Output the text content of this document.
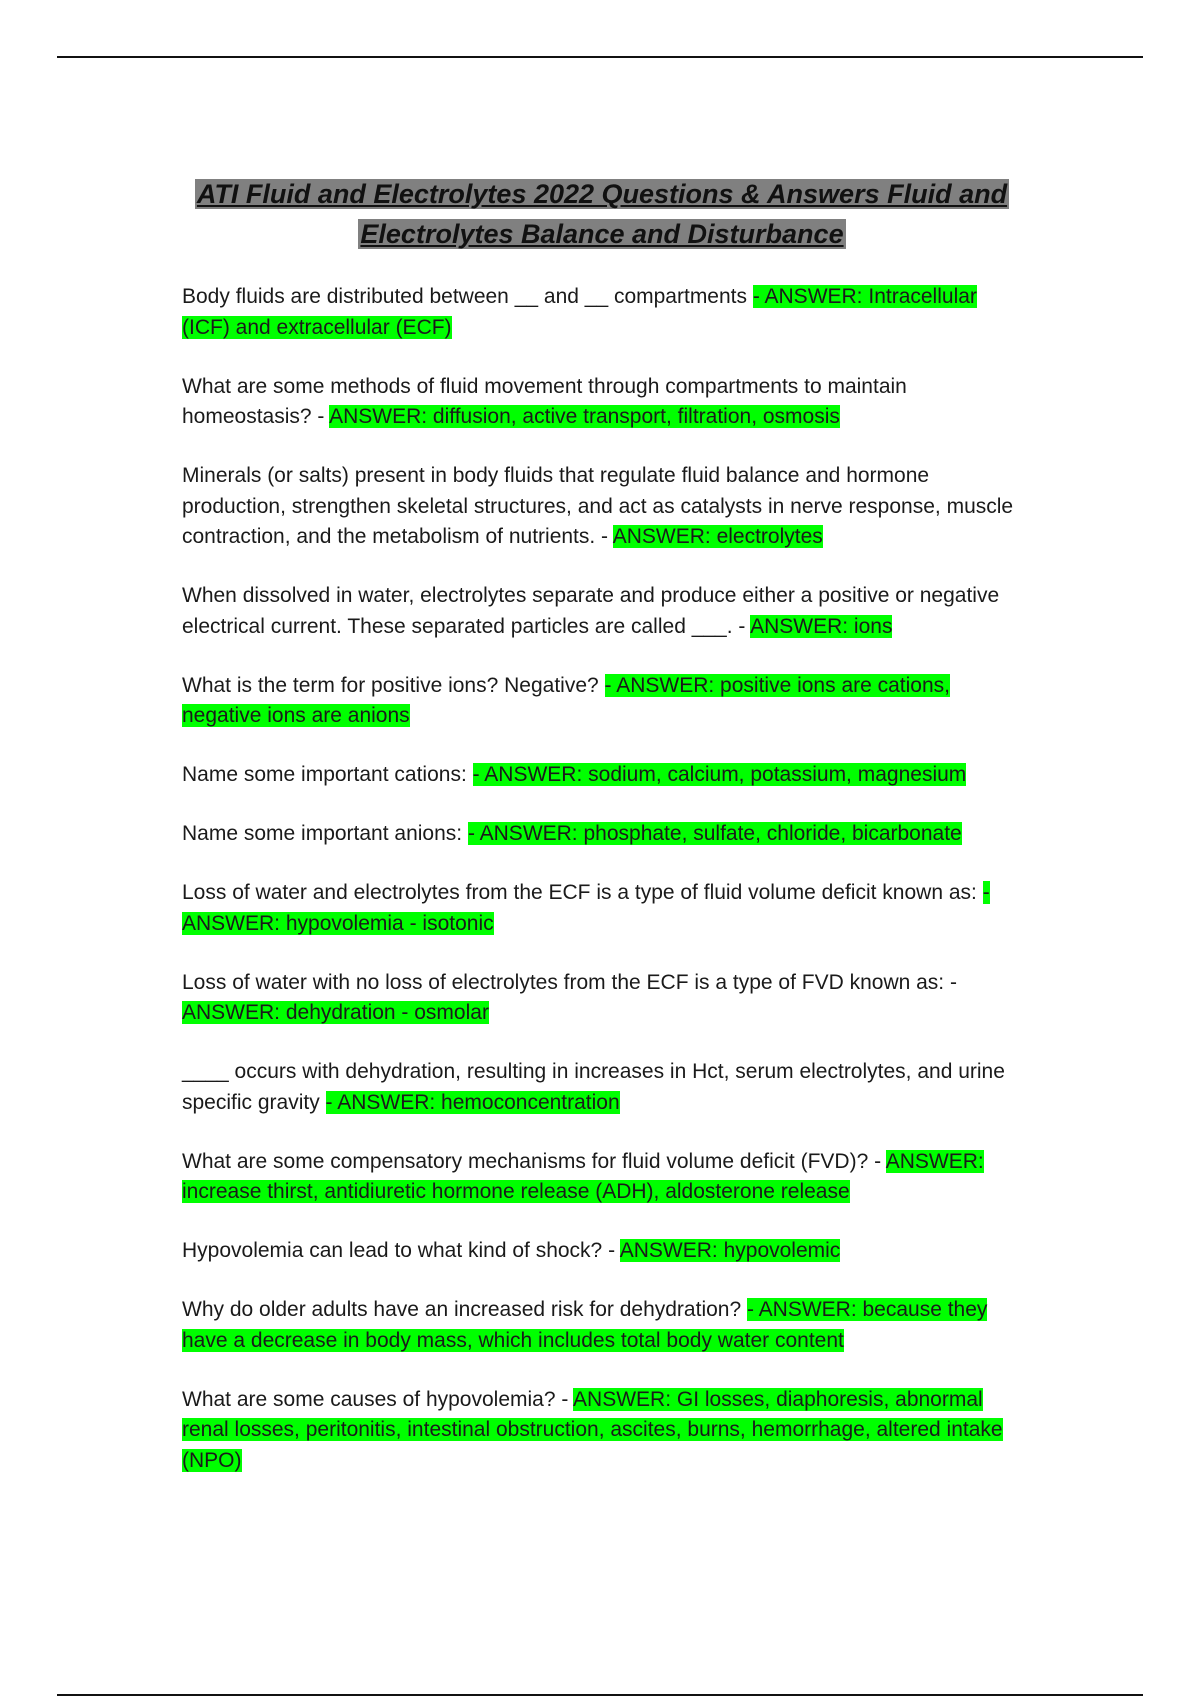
ATI Fluid and Electrolytes 2022 Questions & Answers Fluid and Electrolytes Balance and Disturbance
Body fluids are distributed between __ and __ compartments - ANSWER: Intracellular (ICF) and extracellular (ECF)
What are some methods of fluid movement through compartments to maintain homeostasis? - ANSWER: diffusion, active transport, filtration, osmosis
Minerals (or salts) present in body fluids that regulate fluid balance and hormone production, strengthen skeletal structures, and act as catalysts in nerve response, muscle contraction, and the metabolism of nutrients. - ANSWER: electrolytes
When dissolved in water, electrolytes separate and produce either a positive or negative electrical current. These separated particles are called ___. - ANSWER: ions
What is the term for positive ions? Negative? - ANSWER: positive ions are cations, negative ions are anions
Name some important cations: - ANSWER: sodium, calcium, potassium, magnesium
Name some important anions: - ANSWER: phosphate, sulfate, chloride, bicarbonate
Loss of water and electrolytes from the ECF is a type of fluid volume deficit known as: - ANSWER: hypovolemia - isotonic
Loss of water with no loss of electrolytes from the ECF is a type of FVD known as: - ANSWER: dehydration - osmolar
____ occurs with dehydration, resulting in increases in Hct, serum electrolytes, and urine specific gravity - ANSWER: hemoconcentration
What are some compensatory mechanisms for fluid volume deficit (FVD)? - ANSWER: increase thirst, antidiuretic hormone release (ADH), aldosterone release
Hypovolemia can lead to what kind of shock? - ANSWER: hypovolemic
Why do older adults have an increased risk for dehydration? - ANSWER: because they have a decrease in body mass, which includes total body water content
What are some causes of hypovolemia? - ANSWER: GI losses, diaphoresis, abnormal renal losses, peritonitis, intestinal obstruction, ascites, burns, hemorrhage, altered intake (NPO)
